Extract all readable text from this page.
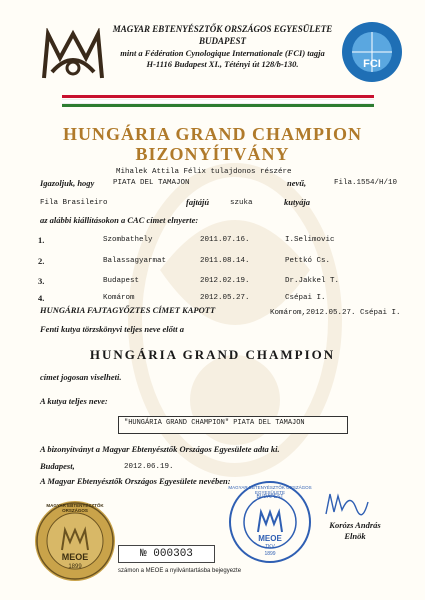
MAGYAR EBTENYÉSZTŐK ORSZÁGOS EGYESÜLETE
BUDAPEST
mint a Fédération Cynologique Internationale (FCI) tagja
H-1116 Budapest XI., Tétényi út 128/b-130.	FCI
HUNGÁRIA GRAND CHAMPION
BIZONYÍTVÁNY
Mihalek Attila Félix tulajdonos részére
Igazoljuk, hogy PIATA DEL TAMAJON	nevű,	Fila.1554/H/10
Fila Brasileiro	fajtájú	szuka	kutyája
az alábbi kiállításokon a CAC címet elnyerte:
1.	Szombathely	2011.07.16.	I.Selimovic
2.	Balassagyarmat	2011.08.14.	Pettkó Cs.
3.	Budapest	2012.02.19.	Dr.Jakkel T.
4.	Komárom	2012.05.27.	Csépai I.
HUNGÁRIA FAJTAGYŐZTES CÍMET KAPOTT	Komárom,2012.05.27. Csépai I.
Fenti kutya törzskönyvi teljes neve előtt a
HUNGÁRIA GRAND CHAMPION
címet jogosan viselheti.
A kutya teljes neve:
"HUNGÁRIA GRAND CHAMPION" PIATA DEL TAMAJON
A bizonyítványt a Magyar Ebtenyésztők Országos Egyesülete adta ki.
Budapest,	2012.06.19.
A Magyar Ebtenyésztők Országos Egyesülete nevében:
MAGYAR EBTENYÉSZTŐK ORSZÁGOS
MEOE
1899
№ 000303
számon a MEOE a nyilvántartásba bejegyezte
MAGYAR EBTENYÉSZTŐK ORSZÁGOS EGYESÜLETE
BUDAPEST
MEOE
TKV
1899
Korózs András
Elnök
